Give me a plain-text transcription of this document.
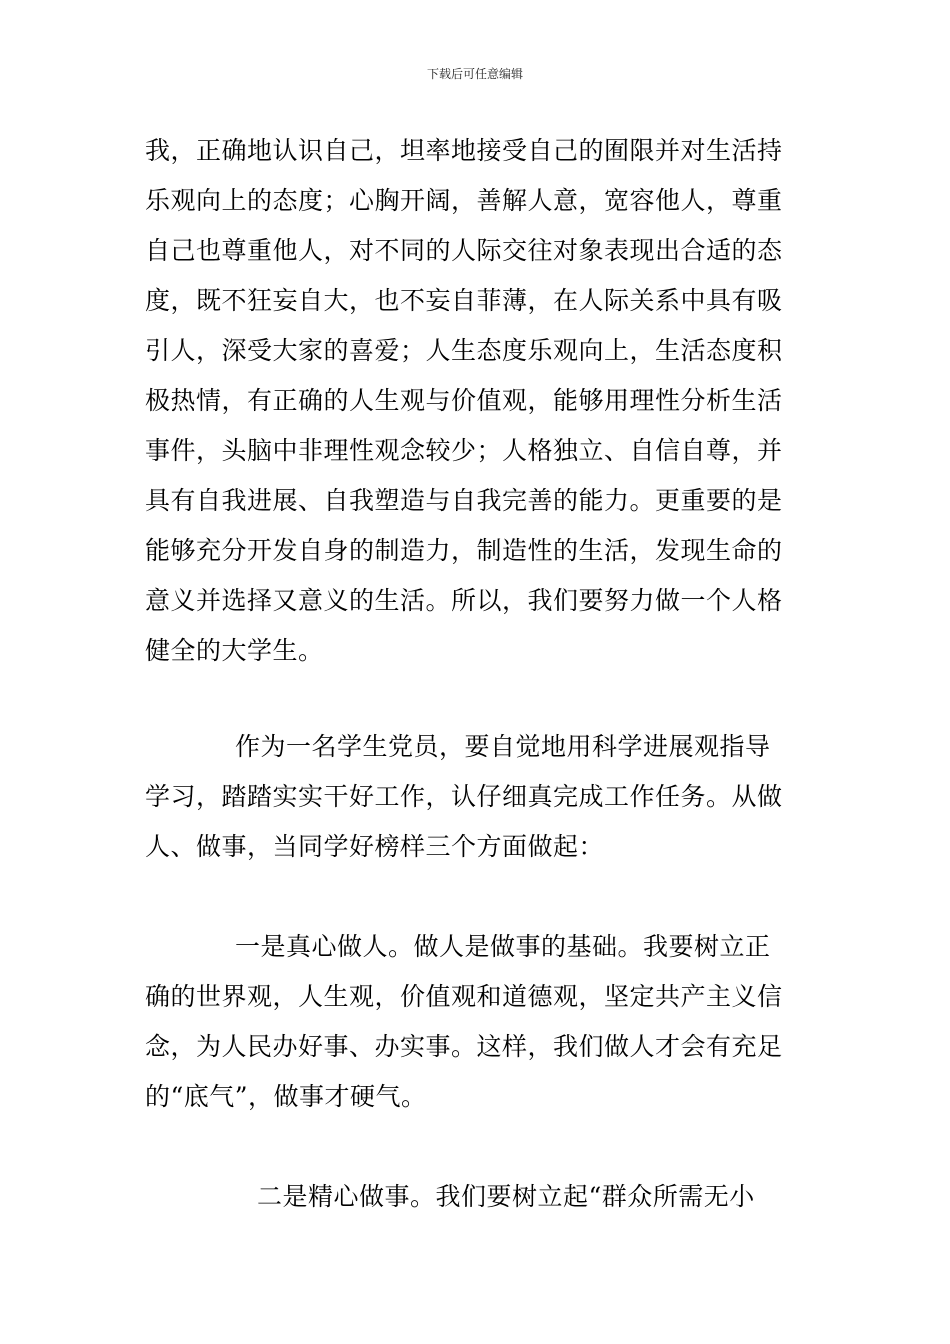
下载后可任意编辑
我，正确地认识自己，坦率地接受自己的囿限并对生活持
乐观向上的态度；心胸开阔，善解人意，宽容他人，尊重
自己也尊重他人，对不同的人际交往对象表现出合适的态
度，既不狂妄自大，也不妄自菲薄，在人际关系中具有吸
引人，深受大家的喜爱；人生态度乐观向上，生活态度积
极热情，有正确的人生观与价值观，能够用理性分析生活
事件，头脑中非理性观念较少；人格独立、自信自尊，并
具有自我进展、自我塑造与自我完善的能力。更重要的是
能够充分开发自身的制造力，制造性的生活，发现生命的
意义并选择又意义的生活。所以，我们要努力做一个人格
健全的大学生。
作为一名学生党员，要自觉地用科学进展观指导
学习，踏踏实实干好工作，认仔细真完成工作任务。从做
人、做事，当同学好榜样三个方面做起：
一是真心做人。做人是做事的基础。我要树立正
确的世界观，人生观，价值观和道德观，坚定共产主义信
念，为人民办好事、办实事。这样，我们做人才会有充足
的“底气”，做事才硬气。
二是精心做事。我们要树立起“群众所需无小
